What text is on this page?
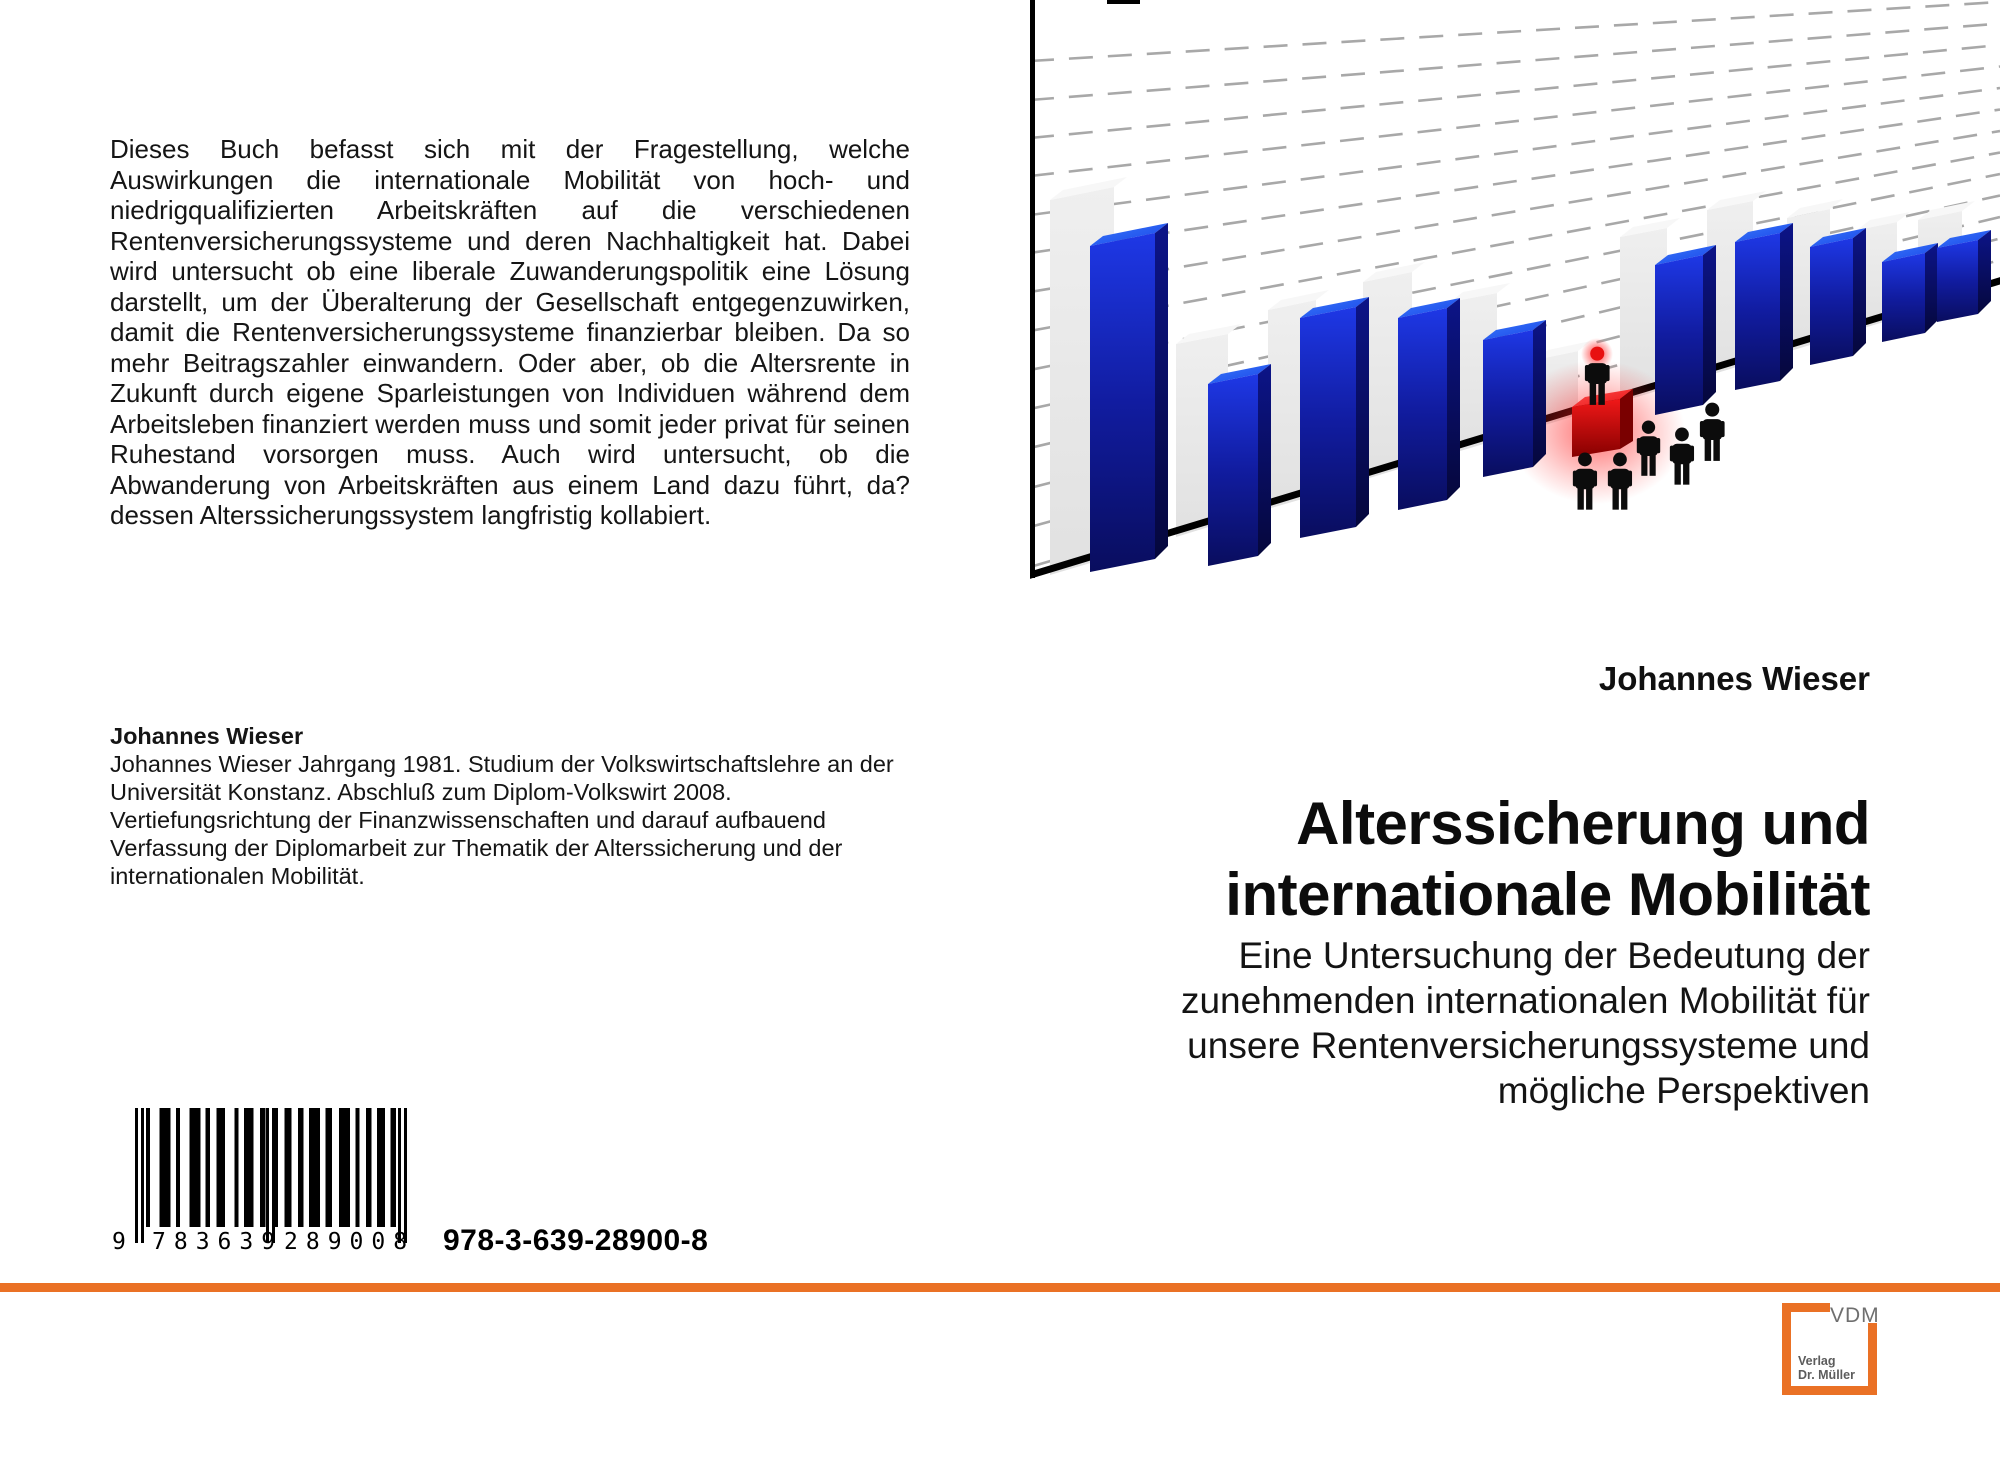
Dieses Buch befasst sich mit der Fragestellung, welche Auswirkungen die internationale Mobilität von hoch- und niedrigqualifizierten Arbeitskräften auf die verschiedenen Rentenversicherungssysteme und deren Nachhaltigkeit hat. Dabei wird untersucht ob eine liberale Zuwanderungspolitik eine Lösung darstellt, um der Überalterung der Gesellschaft entgegenzuwirken, damit die Rentenversicherungssysteme finanzierbar bleiben. Da so mehr Beitragszahler einwandern. Oder aber, ob die Altersrente in Zukunft durch eigene Sparleistungen von Individuen während dem Arbeitsleben finanziert werden muss und somit jeder privat für seinen Ruhestand vorsorgen muss. Auch wird untersucht, ob die Abwanderung von Arbeitskräften aus einem Land dazu führt, da? dessen Alterssicherungssystem langfristig kollabiert.

Johannes Wieser
Johannes Wieser Jahrgang 1981. Studium der Volkswirtschaftslehre an der
Universität Konstanz. Abschluß zum Diplom-Volkswirt 2008.
Vertiefungsrichtung der Finanzwissenschaften und darauf aufbauend
Verfassung der Diplomarbeit zur Thematik der Alterssicherung und der
internationalen Mobilität.
9 783639 289008 978-3-639-28900-8
Johannes Wieser
Alterssicherung und
internationale Mobilität
Eine Untersuchung der Bedeutung der
zunehmenden internationalen Mobilität für
unsere Rentenversicherungssysteme und
mögliche Perspektiven
VDM
Verlag
Dr. Müller
